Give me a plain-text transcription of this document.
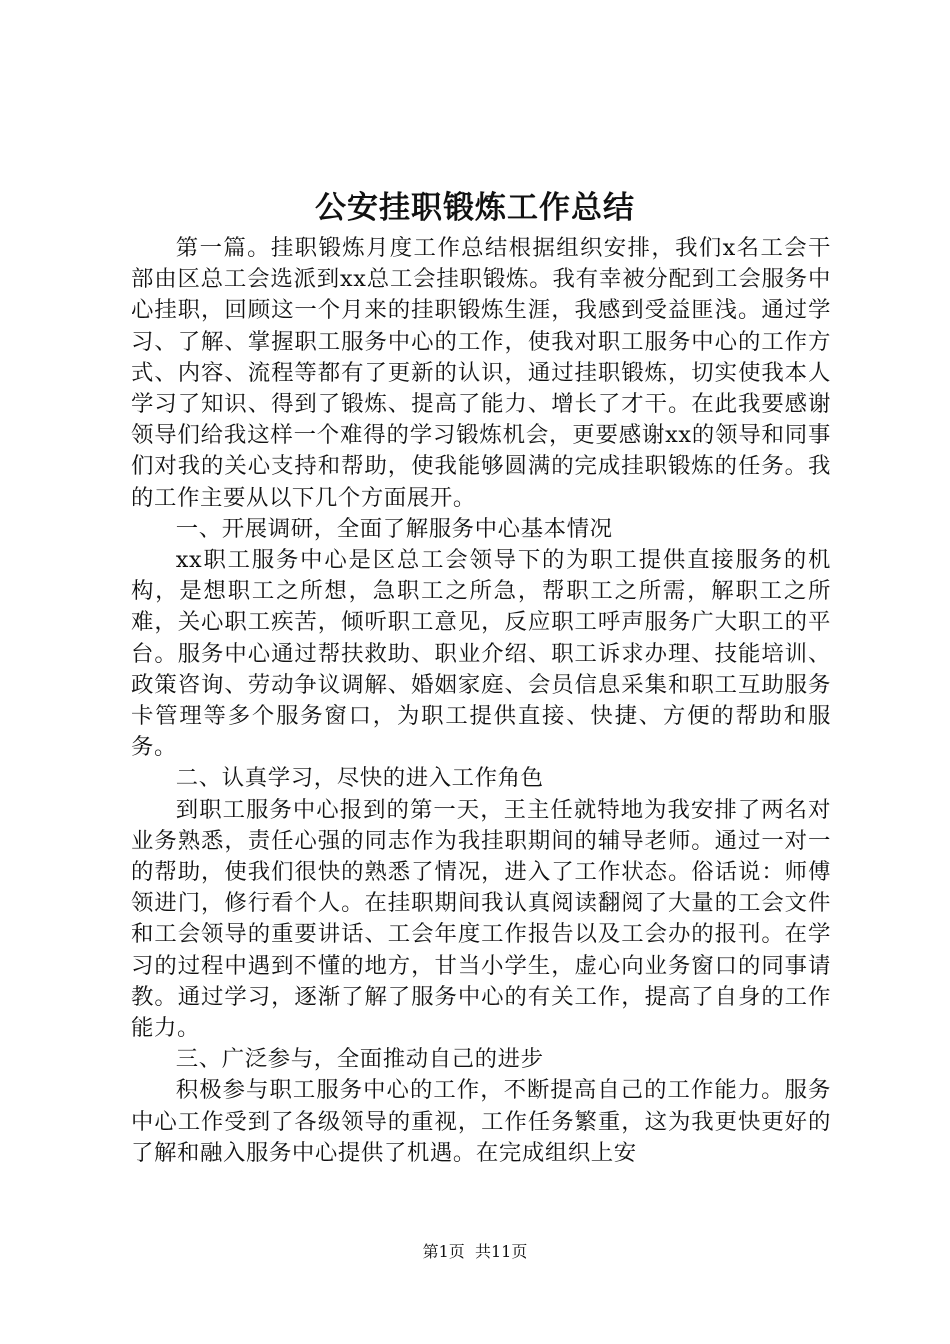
公安挂职锻炼工作总结

第一篇。挂职锻炼月度工作总结根据组织安排，我们x名工会干部由区总工会选派到xx总工会挂职锻炼。我有幸被分配到工会服务中心挂职，回顾这一个月来的挂职锻炼生涯，我感到受益匪浅。通过学习、了解、掌握职工服务中心的工作，使我对职工服务中心的工作方式、内容、流程等都有了更新的认识，通过挂职锻炼，切实使我本人学习了知识、得到了锻炼、提高了能力、增长了才干。在此我要感谢领导们给我这样一个难得的学习锻炼机会，更要感谢xx的领导和同事们对我的关心支持和帮助，使我能够圆满的完成挂职锻炼的任务。我的工作主要从以下几个方面展开。

一、开展调研，全面了解服务中心基本情况

xx职工服务中心是区总工会领导下的为职工提供直接服务的机构，是想职工之所想，急职工之所急，帮职工之所需，解职工之所难，关心职工疾苦，倾听职工意见，反应职工呼声服务广大职工的平台。服务中心通过帮扶救助、职业介绍、职工诉求办理、技能培训、政策咨询、劳动争议调解、婚姻家庭、会员信息采集和职工互助服务卡管理等多个服务窗口，为职工提供直接、快捷、方便的帮助和服务。

二、认真学习，尽快的进入工作角色

到职工服务中心报到的第一天，王主任就特地为我安排了两名对业务熟悉，责任心强的同志作为我挂职期间的辅导老师。通过一对一的帮助，使我们很快的熟悉了情况，进入了工作状态。俗话说：师傅领进门，修行看个人。在挂职期间我认真阅读翻阅了大量的工会文件和工会领导的重要讲话、工会年度工作报告以及工会办的报刊。在学习的过程中遇到不懂的地方，甘当小学生，虚心向业务窗口的同事请教。通过学习，逐渐了解了服务中心的有关工作，提高了自身的工作能力。

三、广泛参与，全面推动自己的进步

积极参与职工服务中心的工作，不断提高自己的工作能力。服务中心工作受到了各级领导的重视，工作任务繁重，这为我更快更好的了解和融入服务中心提供了机遇。在完成组织上安

第1页 共11页
